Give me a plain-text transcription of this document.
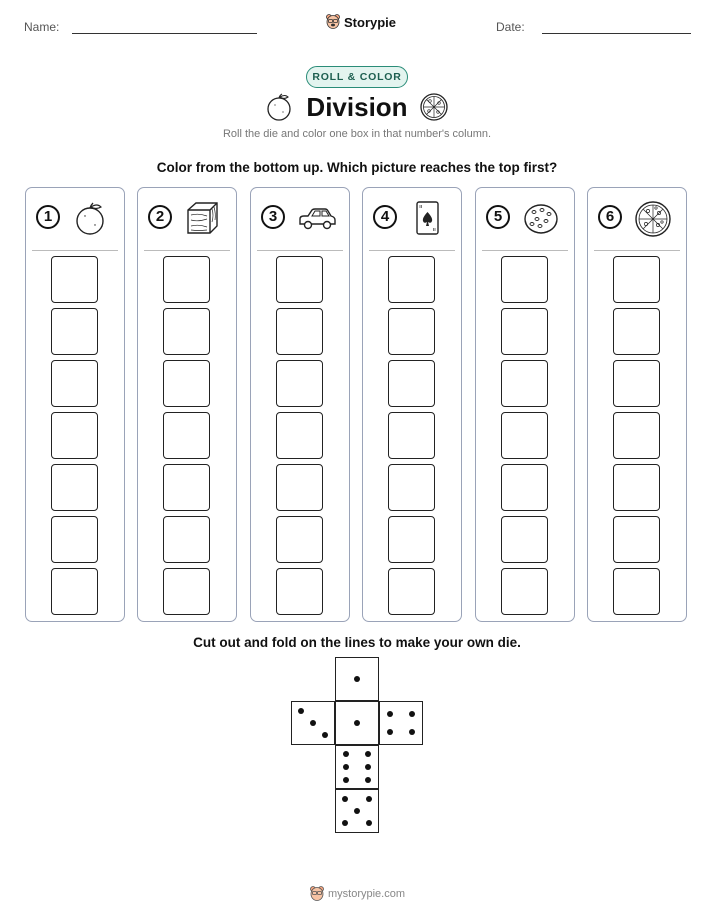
Name:	Storypie	Date:
ROLL & COLOR
Division
Roll the die and color one box in that number's column.
Color from the bottom up. Which picture reaches the top first?
1	2	3	4	5	6
Cut out and fold on the lines to make your own die.
mystorypie.com
